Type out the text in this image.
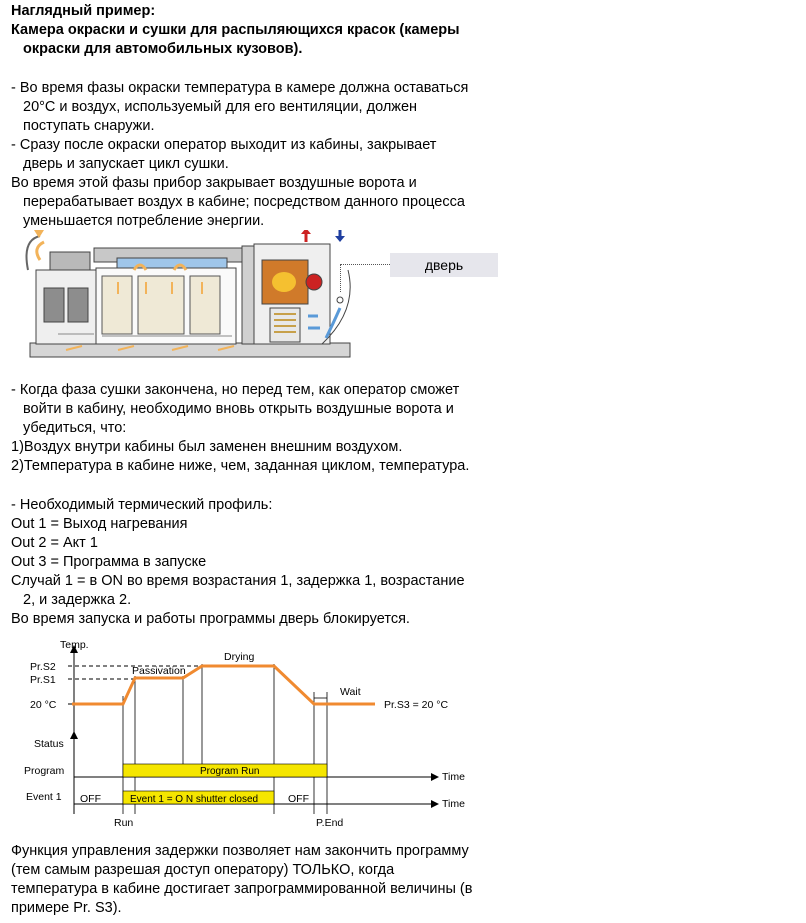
Наглядный пример:
Камера окраски и сушки для распыляющихся красок (камеры
окраски для автомобильных кузовов).
- Во время фазы окраски температура в камере должна оставаться
20°C и воздух, используемый для его вентиляции, должен
поступать снаружи.
- Сразу после окраски оператор выходит из кабины, закрывает
дверь и запускает цикл сушки.
Во время этой фазы прибор закрывает воздушные ворота и
перерабатывает воздух в кабине; посредством данного процесса
уменьшается потребление энергии.
дверь
- Когда фаза сушки закончена, но перед тем, как оператор сможет
войти в кабину, необходимо вновь открыть воздушные ворота и
убедиться, что:
1)Воздух внутри кабины был заменен внешним воздухом.
2)Температура в кабине ниже, чем, заданная циклом, температура.
- Необходимый термический профиль:
Out 1 = Выход нагревания
Out 2 = Акт 1
Out 3 = Программа в запуске
Случай 1 = в ON во время возрастания 1, задержка 1, возрастание
2, и задержка 2.
Во время запуска и работы программы дверь блокируется.
Temp.
Pr.S2
Pr.S1
20 °C
Passivation
Drying
Wait
Pr.S3 = 20 °C
Status
Program	Program Run	Time
Event 1 OFF	Event 1 = O N shutter closed	OFF	Time
Run	P.End
Функция управления задержки позволяет нам закончить программу
(тем самым разрешая доступ оператору) ТОЛЬКО, когда
температура в кабине достигает запрограммированной величины (в
примере Pr. S3).
